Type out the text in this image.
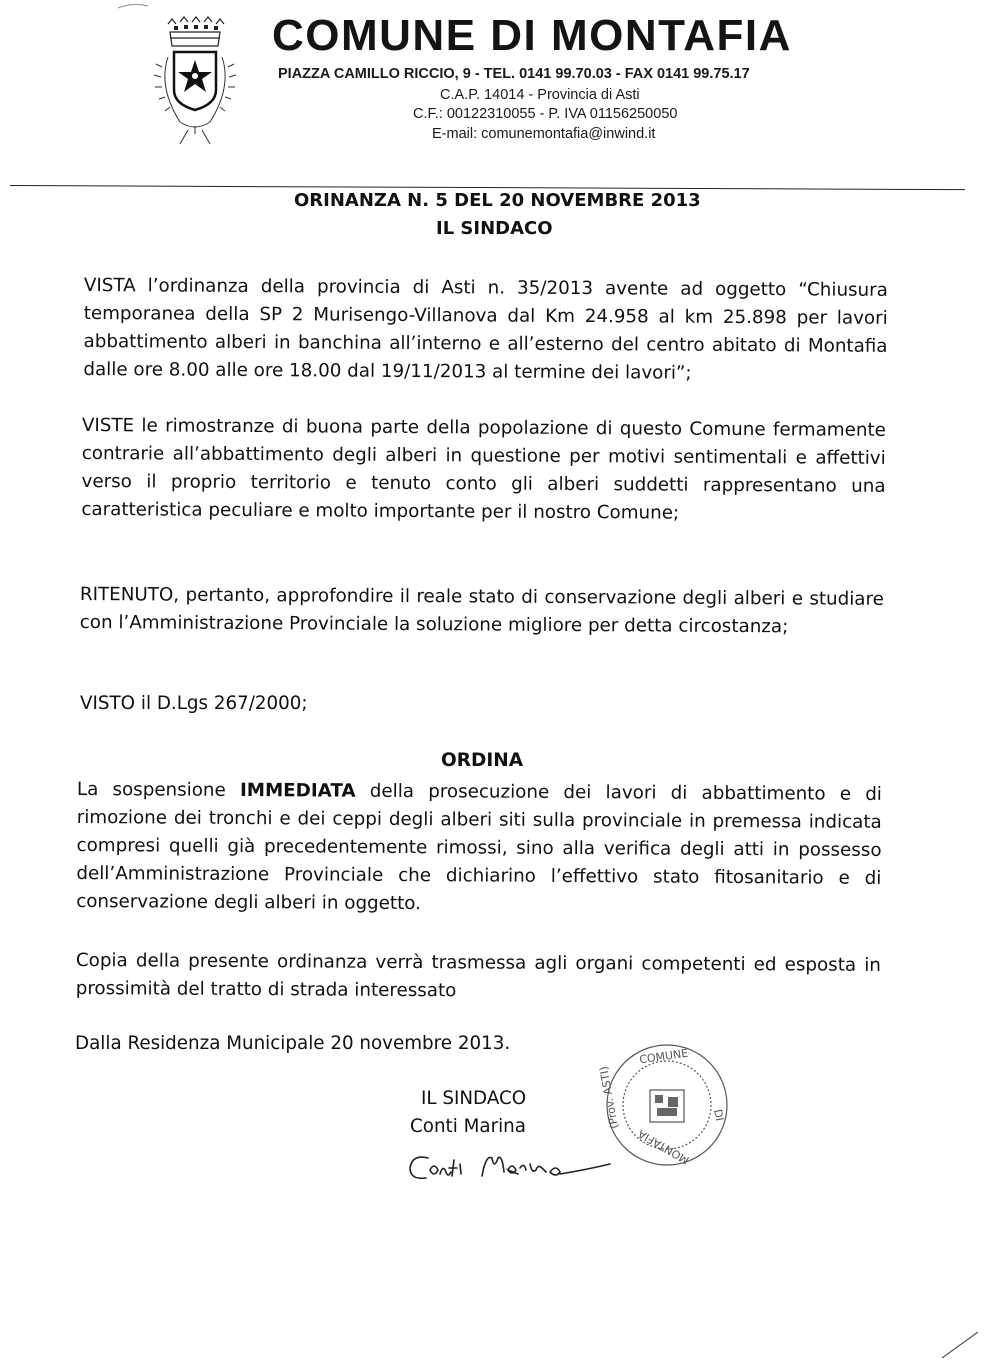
COMUNE DI MONTAFIA
PIAZZA CAMILLO RICCIO, 9 - TEL. 0141 99.70.03 - FAX 0141 99.75.17
C.A.P. 14014 - Provincia di Asti
C.F.: 00122310055 - P. IVA 01156250050
E-mail: comunemontafia@inwind.it
ORINANZA N. 5 DEL 20 NOVEMBRE 2013
IL SINDACO
VISTA l’ordinanza della provincia di Asti n. 35/2013 avente ad oggetto “Chiusura temporanea della SP 2 Murisengo-Villanova dal Km 24.958 al km 25.898 per lavori abbattimento alberi in banchina all’interno e all’esterno del centro abitato di Montafia dalle ore 8.00 alle ore 18.00 dal 19/11/2013 al termine dei lavori”;
VISTE le rimostranze di buona parte della popolazione di questo Comune fermamente contrarie all’abbattimento degli alberi in questione per motivi sentimentali e affettivi verso il proprio territorio e tenuto conto gli alberi suddetti rappresentano una caratteristica peculiare e molto importante per il nostro Comune;
RITENUTO, pertanto, approfondire il reale stato di conservazione degli alberi e studiare con l’Amministrazione Provinciale la soluzione migliore per detta circostanza;
VISTO il D.Lgs 267/2000;
ORDINA
La sospensione IMMEDIATA della prosecuzione dei lavori di abbattimento e di rimozione dei tronchi e dei ceppi degli alberi siti sulla provinciale in premessa indicata compresi quelli già precedentemente rimossi, sino alla verifica degli atti in possesso dell’Amministrazione Provinciale che dichiarino l’effettivo stato fitosanitario e di conservazione degli alberi in oggetto.
Copia della presente ordinanza verrà trasmessa agli organi competenti ed esposta in prossimità del tratto di strada interessato
Dalla Residenza Municipale 20 novembre 2013.
IL SINDACO
Conti Marina
COMUNE
DI
MONTAFIA
(Prov. ASTI)
